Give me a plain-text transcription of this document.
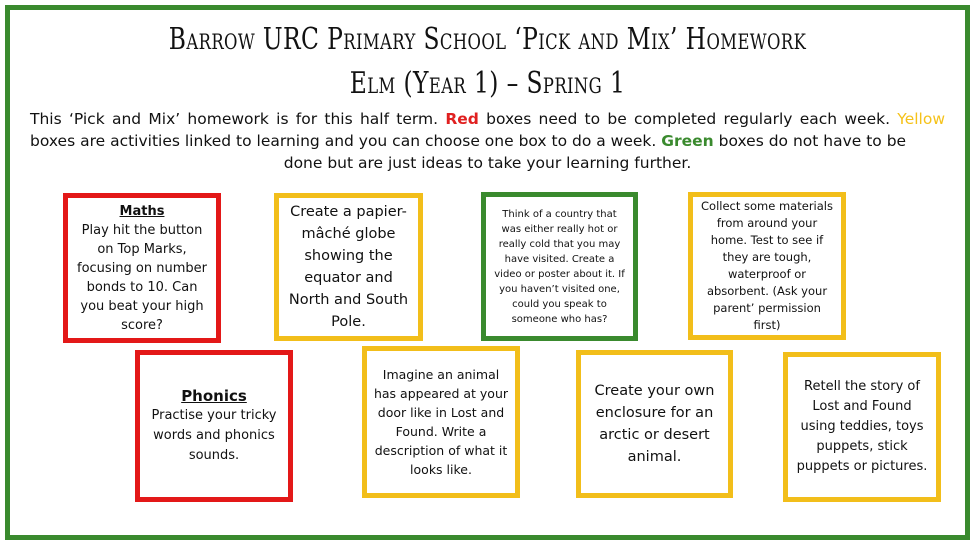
Barrow URC Primary School ‘Pick and Mix’ Homework
Elm (Year 1) – Spring 1
This ‘Pick and Mix’ homework is for this half term. Red boxes need to be completed regularly each week. Yellow boxes are activities linked to learning and you can choose one box to do a week. Green boxes do not have to be
done but are just ideas to take your learning further.

Maths

Play hit the button on Top Marks, focusing on number bonds to 10. Can you beat your high score?

Create a papier-mâché globe showing the equator and North and South Pole.

Think of a country that was either really hot or really cold that you may have visited. Create a video or poster about it. If you haven’t visited one, could you speak to someone who has?

Collect some materials from around your home. Test to see if they are tough, waterproof or absorbent. (Ask your parent’ permission first)

Phonics

Practise your tricky words and phonics sounds.

Imagine an animal has appeared at your door like in Lost and Found. Write a description of what it looks like.

Create your own enclosure for an arctic or desert animal.

Retell the story of Lost and Found using teddies, toys puppets, stick puppets or pictures.
